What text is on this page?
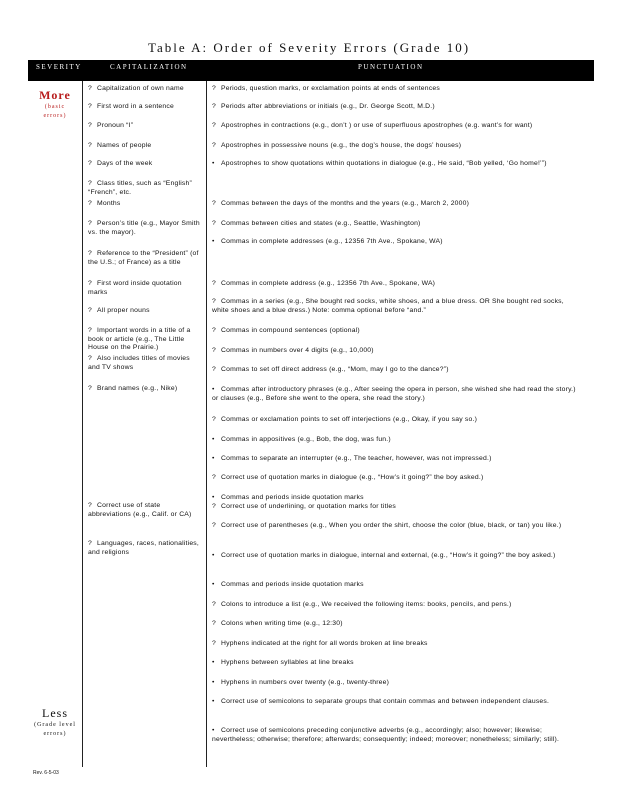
Table A: Order of Severity Errors (Grade 10)
SEVERITY	CAPITALIZATION	PUNCTUATION
More
(basic
errors)
Less
(Grade level
errors)
? Capitalization of own name
? First word in a sentence
? Pronoun “I”
? Names of people
? Days of the week
? Class titles, such as “English” “French”, etc.
? Months
? Person’s title (e.g., Mayor Smith vs. the mayor).
? Reference to the “President” (of the U.S.; of France) as a title
? First word inside quotation marks
? All proper nouns
? Important words in a title of a book or article (e.g., The Little House on the Prairie.)
? Also includes titles of movies and TV shows
? Brand names (e.g., Nike)
? Correct use of state abbreviations (e.g., Calif. or CA)
? Languages, races, nationalities, and religions
? Periods, question marks, or exclamation points at ends of sentences
? Periods after abbreviations or initials (e.g., Dr. George Scott, M.D.)
? Apostrophes in contractions (e.g., don’t ) or use of superfluous apostrophes (e.g. want’s for want)
? Apostrophes in possessive nouns (e.g., the dog’s house, the dogs’ houses)
• Apostrophes to show quotations within quotations in dialogue (e.g., He said, “Bob yelled, ‘Go home!’”)
? Commas between the days of the months and the years (e.g., March 2, 2000)
? Commas between cities and states (e.g., Seattle, Washington)
• Commas in complete addresses (e.g., 12356 7th Ave., Spokane, WA)
? Commas in complete address (e.g., 12356 7th Ave., Spokane, WA)
? Commas in a series (e.g., She bought red socks, white shoes, and a blue dress. OR She bought red socks, white shoes and a blue dress.) Note: comma optional before “and.”
? Commas in compound sentences (optional)
? Commas in numbers over 4 digits (e.g., 10,000)
? Commas to set off direct address (e.g., “Mom, may I go to the dance?”)
• Commas after introductory phrases (e.g., After seeing the opera in person, she wished she had read the story.) or clauses (e.g., Before she went to the opera, she read the story.)
? Commas or exclamation points to set off interjections (e.g., Okay, if you say so.)
• Commas in appositives (e.g., Bob, the dog, was fun.)
• Commas to separate an interrupter (e.g., The teacher, however, was not impressed.)
? Correct use of quotation marks in dialogue (e.g., “How’s it going?” the boy asked.)
• Commas and periods inside quotation marks
? Correct use of underlining, or quotation marks for titles
? Correct use of parentheses (e.g., When you order the shirt, choose the color (blue, black, or tan) you like.)
• Correct use of quotation marks in dialogue, internal and external, (e.g., “How’s it going?” the boy asked.)
• Commas and periods inside quotation marks
? Colons to introduce a list (e.g., We received the following items: books, pencils, and pens.)
? Colons when writing time (e.g., 12:30)
? Hyphens indicated at the right for all words broken at line breaks
• Hyphens between syllables at line breaks
• Hyphens in numbers over twenty (e.g., twenty-three)
• Correct use of semicolons to separate groups that contain commas and between independent clauses.
• Correct use of semicolons preceding conjunctive adverbs (e.g., accordingly; also; however; likewise; nevertheless; otherwise; therefore; afterwards; consequently; indeed; moreover; nonetheless; similarly; still).
Rev. 6-5-03
